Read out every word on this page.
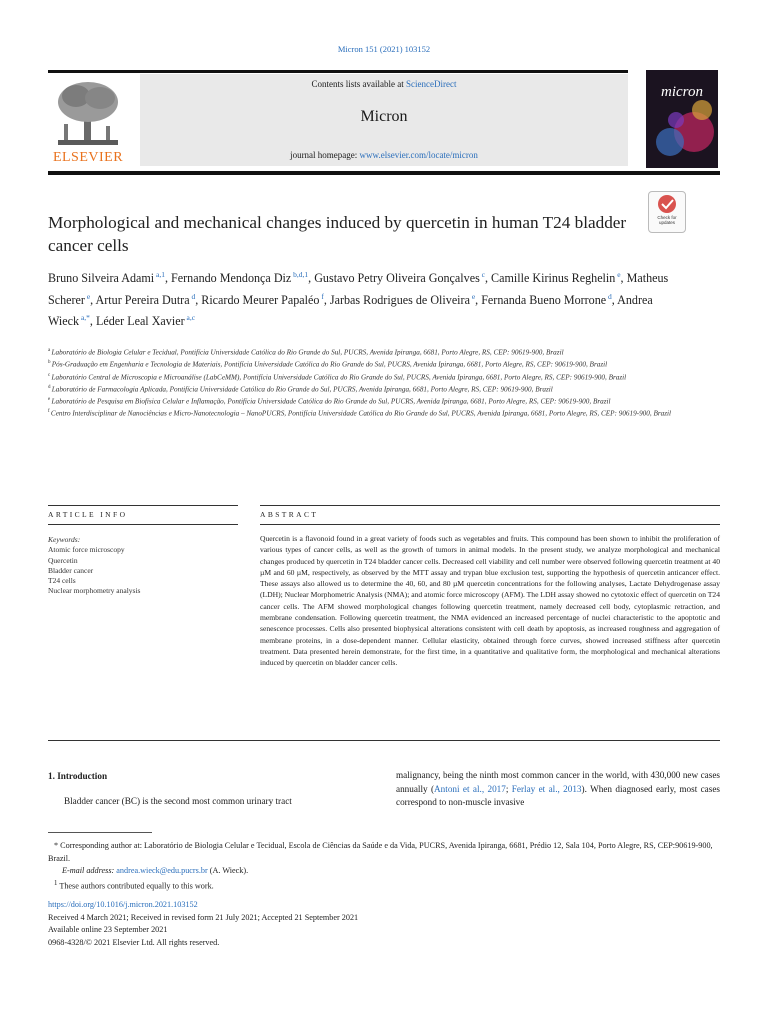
Micron 151 (2021) 103152
ELSEVIER
Contents lists available at ScienceDirect
Micron
journal homepage: www.elsevier.com/locate/micron
micron
Check for updates
Morphological and mechanical changes induced by quercetin in human T24 bladder cancer cells
Bruno Silveira Adami $^{a,1}$, Fernando Mendonça Diz $^{b,d,1}$, Gustavo Petry Oliveira Gonçalves $^c$, Camille Kirinus Reghelin $^e$, Matheus Scherer $^e$, Artur Pereira Dutra $^d$, Ricardo Meurer Papaléo $^f$, Jarbas Rodrigues de Oliveira $^e$, Fernanda Bueno Morrone $^d$, Andrea Wieck $^{a,*}$, Léder Leal Xavier $^{a,c}$

$^a$ Laboratório de Biologia Celular e Tecidual, Pontifícia Universidade Católica do Rio Grande do Sul, PUCRS, Avenida Ipiranga, 6681, Porto Alegre, RS, CEP: 90619-900, Brazil

$^b$ Pós-Graduação em Engenharia e Tecnologia de Materiais, Pontifícia Universidade Católica do Rio Grande do Sul, PUCRS, Avenida Ipiranga, 6681, Porto Alegre, RS, CEP: 90619-900, Brazil

$^c$ Laboratório Central de Microscopia e Microanálise (LabCeMM), Pontifícia Universidade Católica do Rio Grande do Sul, PUCRS, Avenida Ipiranga, 6681, Porto Alegre, RS, CEP: 90619-900, Brazil

$^d$ Laboratório de Farmacologia Aplicada, Pontifícia Universidade Católica do Rio Grande do Sul, PUCRS, Avenida Ipiranga, 6681, Porto Alegre, RS, CEP: 90619-900, Brazil

$^e$ Laboratório de Pesquisa em Biofísica Celular e Inflamação, Pontifícia Universidade Católica do Rio Grande do Sul, PUCRS, Avenida Ipiranga, 6681, Porto Alegre, RS, CEP: 90619-900, Brazil

$^f$ Centro Interdisciplinar de Nanociências e Micro-Nanotecnologia – NanoPUCRS, Pontifícia Universidade Católica do Rio Grande do Sul, PUCRS, Avenida Ipiranga, 6681, Porto Alegre, RS, CEP: 90619-900, Brazil

ARTICLE INFO
Keywords:
Atomic force microscopy
Quercetin
Bladder cancer
T24 cells
Nuclear morphometry analysis
ABSTRACT
Quercetin is a flavonoid found in a great variety of foods such as vegetables and fruits. This compound has been shown to inhibit the proliferation of various types of cancer cells, as well as the growth of tumors in animal models. In the present study, we analyze morphological and mechanical changes produced by quercetin in T24 bladder cancer cells. Decreased cell viability and cell number were observed following quercetin treatment at 40 µM and 60 µM, respectively, as observed by the MTT assay and trypan blue exclusion test, supporting the hypothesis of quercetin anticancer effect. These assays also allowed us to determine the 40, 60, and 80 µM quercetin concentrations for the following analyses, Lactate Dehydrogenase assay (LDH); Nuclear Morphometric Analysis (NMA); and atomic force microscopy (AFM). The LDH assay showed no cytotoxic effect of quercetin on T24 cancer cells. The AFM showed morphological changes following quercetin treatment, namely decreased cell body, cytoplasmic retraction, and membrane condensation. Following quercetin treatment, the NMA evidenced an increased percentage of nuclei characteristic to the apoptotic and senescence processes. Cells also presented biophysical alterations consistent with cell death by apoptosis, as increased roughness and aggregation of membrane proteins, in a dose-dependent manner. Cellular elasticity, obtained through force curves, showed increased stiffness after quercetin treatment. Data presented herein demonstrate, for the first time, in a quantitative and qualitative form, the morphological and mechanical alterations induced by quercetin on bladder cancer cells.
1. Introduction
Bladder cancer (BC) is the second most common urinary tract
malignancy, being the ninth most common cancer in the world, with 430,000 new cases annually (Antoni et al., 2017; Ferlay et al., 2013). When diagnosed early, most cases correspond to non-muscle invasive

* Corresponding author at: Laboratório de Biologia Celular e Tecidual, Escola de Ciências da Saúde e da Vida, PUCRS, Avenida Ipiranga, 6681, Prédio 12, Sala 104, Porto Alegre, RS, CEP:90619-900, Brazil.

E-mail address: andrea.wieck@edu.pucrs.br (A. Wieck).

$^1$ These authors contributed equally to this work.

https://doi.org/10.1016/j.micron.2021.103152

Received 4 March 2021; Received in revised form 21 July 2021; Accepted 21 September 2021

Available online 23 September 2021

0968-4328/© 2021 Elsevier Ltd. All rights reserved.
